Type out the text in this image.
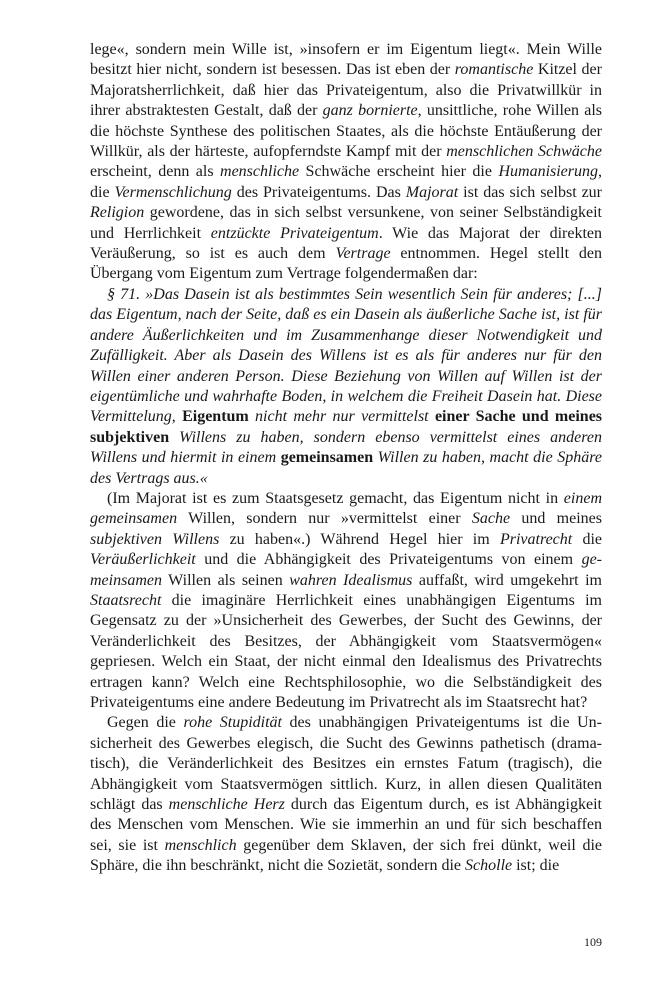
lege«, sondern mein Wille ist, »insofern er im Eigentum liegt«. Mein Wille besitzt hier nicht, sondern ist besessen. Das ist eben der romantische Kitzel der Majoratsherrlichkeit, daß hier das Privateigentum, also die Privatwillkür in ihrer abstraktesten Gestalt, daß der ganz bornierte, unsittliche, rohe Willen als die höchste Synthese des politischen Staates, als die höchste Entäußerung der Willkür, als der härteste, aufopferndste Kampf mit der menschlichen Schwäche erscheint, denn als menschliche Schwäche erscheint hier die Humanisierung, die Vermenschlichung des Privateigentums. Das Majorat ist das sich selbst zur Religion gewordene, das in sich selbst versunkene, von seiner Selbständigkeit und Herrlichkeit entzückte Privateigentum. Wie das Majorat der direkten Veräußerung, so ist es auch dem Vertrage entnommen. Hegel stellt den Übergang vom Eigentum zum Vertrage folgendermaßen dar:

§ 71. »Das Dasein ist als bestimmtes Sein wesentlich Sein für anderes; [...] das Eigentum, nach der Seite, daß es ein Dasein als äußerliche Sache ist, ist für andere Äußerlichkeiten und im Zusammenhange dieser Notwendigkeit und Zufälligkeit. Aber als Dasein des Willens ist es als für anderes nur für den Willen einer anderen Person. Diese Beziehung von Willen auf Willen ist der eigentümliche und wahrhafte Boden, in welchem die Freiheit Dasein hat. Diese Vermittelung, Eigentum nicht mehr nur vermittelst einer Sache und meines subjektiven Willens zu haben, sondern ebenso vermittelst eines anderen Willens und hiermit in einem gemeinsamen Willen zu haben, macht die Sphäre des Vertrags aus.«

(Im Majorat ist es zum Staatsgesetz gemacht, das Eigentum nicht in einem gemeinsamen Willen, sondern nur »vermittelst einer Sache und meines subjektiven Willens zu haben«.) Während Hegel hier im Privatrecht die Veräußerlichkeit und die Abhängigkeit des Privateigentums von einem gemeinsamen Willen als seinen wahren Idealismus auffaßt, wird umgekehrt im Staatsrecht die imaginäre Herrlichkeit eines unabhängigen Eigentums im Gegensatz zu der »Unsicherheit des Gewerbes, der Sucht des Gewinns, der Veränderlichkeit des Besitzes, der Abhängigkeit vom Staatsvermögen« gepriesen. Welch ein Staat, der nicht einmal den Idealismus des Privatrechts ertragen kann? Welch eine Rechtsphilosophie, wo die Selbständigkeit des Privateigentums eine andere Bedeutung im Privatrecht als im Staatsrecht hat?

Gegen die rohe Stupidität des unabhängigen Privateigentums ist die Unsicherheit des Gewerbes elegisch, die Sucht des Gewinns pathetisch (dramatisch), die Veränderlichkeit des Besitzes ein ernstes Fatum (tragisch), die Abhängigkeit vom Staatsvermögen sittlich. Kurz, in allen diesen Qualitäten schlägt das menschliche Herz durch das Eigentum durch, es ist Abhängigkeit des Menschen vom Menschen. Wie sie immerhin an und für sich beschaffen sei, sie ist menschlich gegenüber dem Sklaven, der sich frei dünkt, weil die Sphäre, die ihn beschränkt, nicht die Sozietät, sondern die Scholle ist; die

109
